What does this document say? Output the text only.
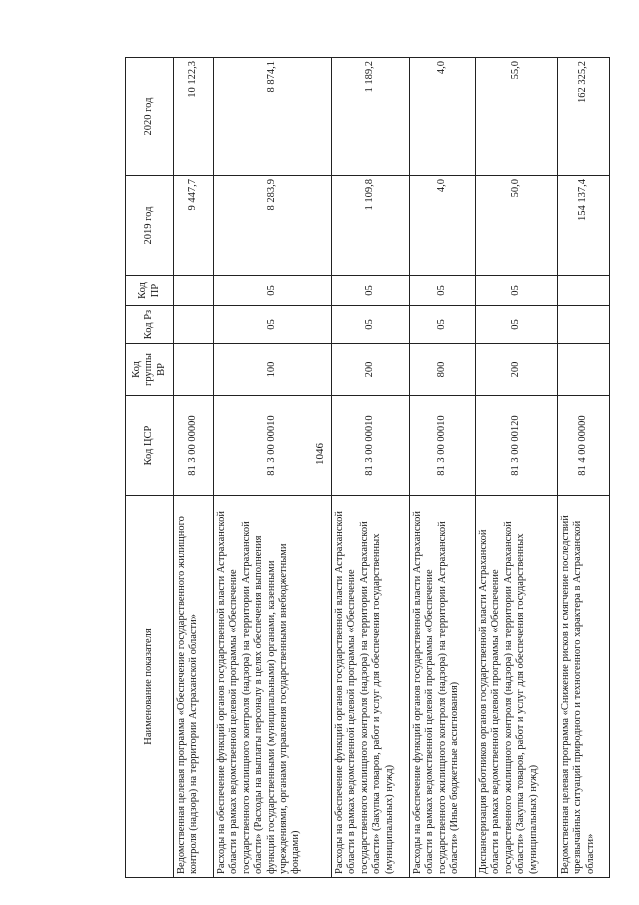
1046
Наименование показателя	Код ЦСР	Код группы ВР	Код Рз	Код ПР	2019 год	2020 год
Ведомственная целевая программа «Обеспечение государственного жилищного контроля (надзора) на территории Астраханской области»	81 3 00 00000				9 447,7	10 122,3
Расходы на обеспечение функций органов государственной власти Астраханской области в рамках ведомственной целевой программы «Обеспечение государственного жилищного контроля (надзора) на территории Астраханской области» (Расходы на выплаты персоналу в целях обеспечения выполнения функций государственными (муниципальными) органами, казенными учреждениями, органами управления государственными внебюджетными фондами)	81 3 00 00010	100	05	05	8 283,9	8 874,1
Расходы на обеспечение функций органов государственной власти Астраханской области в рамках ведомственной целевой программы «Обеспечение государственного жилищного контроля (надзора) на территории Астраханской области» (Закупка товаров, работ и услуг для обеспечения государственных (муниципальных) нужд)	81 3 00 00010	200	05	05	1 109,8	1 189,2
Расходы на обеспечение функций органов государственной власти Астраханской области в рамках ведомственной целевой программы «Обеспечение государственного жилищного контроля (надзора) на территории Астраханской области» (Иные бюджетные ассигнования)	81 3 00 00010	800	05	05	4,0	4,0
Диспансеризация работников органов государственной власти Астраханской области в рамках ведомственной целевой программы «Обеспечение государственного жилищного контроля (надзора) на территории Астраханской области» (Закупка товаров, работ и услуг для обеспечения государственных (муниципальных) нужд)	81 3 00 00120	200	05	05	50,0	55,0
Ведомственная целевая программа «Снижение рисков и смягчение последствий чрезвычайных ситуаций природного и техногенного характера в Астраханской области»	81 4 00 00000				154 137,4	162 325,2
